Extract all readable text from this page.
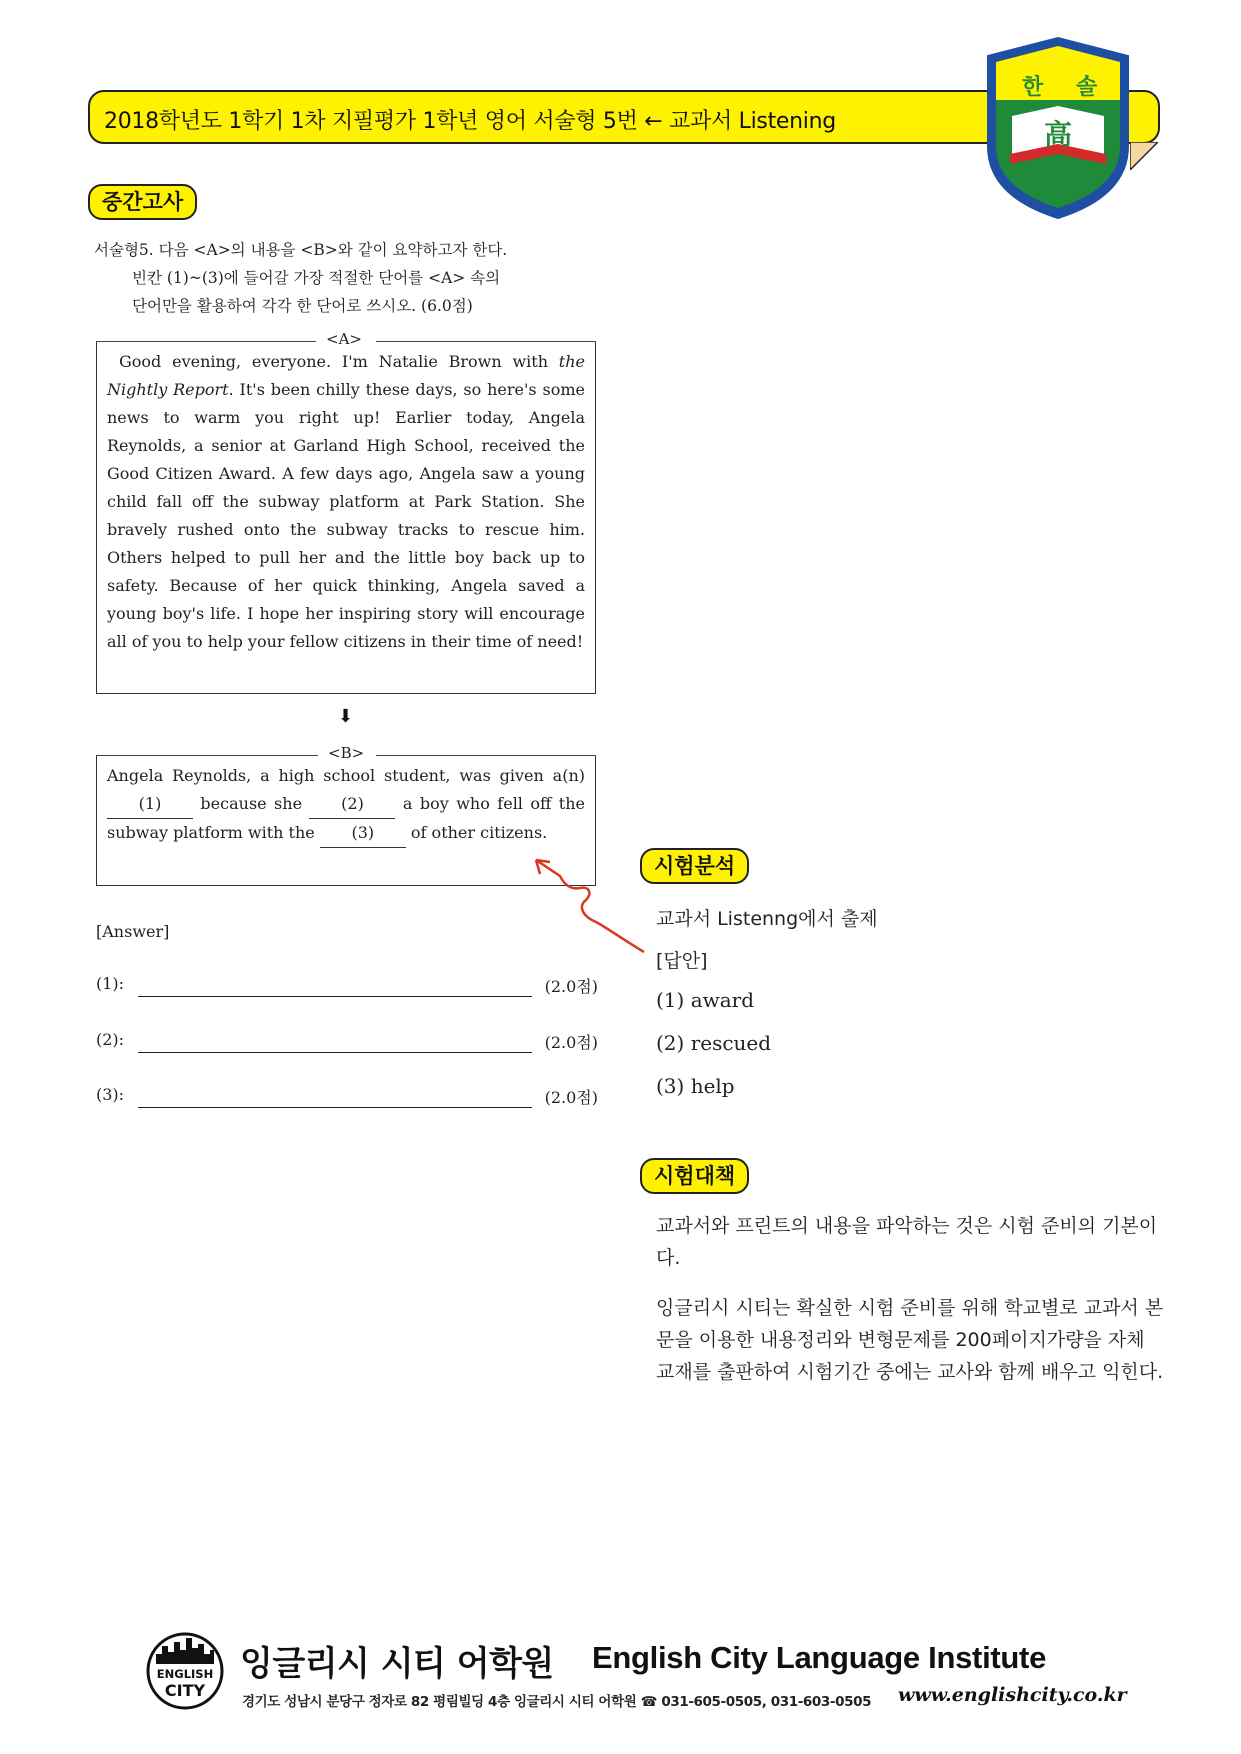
2018학년도 1학기 1차 지필평가 1학년 영어 서술형 5번 ← 교과서 Listening
한 솔
高
중간고사
서술형5. 다음 <A>의 내용을 <B>와 같이 요약하고자 한다.
빈칸 (1)~(3)에 들어갈 가장 적절한 단어를 <A> 속의
단어만을 활용하여 각각 한 단어로 쓰시오. (6.0점)
<A>
Good evening, everyone. I'm Natalie Brown with the Nightly Report. It's been chilly these days, so here's some news to warm you right up! Earlier today, Angela Reynolds, a senior at Garland High School, received the Good Citizen Award. A few days ago, Angela saw a young child fall off the subway platform at Park Station. She bravely rushed onto the subway tracks to rescue him. Others helped to pull her and the little boy back up to safety. Because of her quick thinking, Angela saved a young boy's life. I hope her inspiring story will encourage all of you to help your fellow citizens in their time of need!
⬇
<B>
Angela Reynolds, a high school student, was given a(n) (1) because she (2) a boy who fell off the subway platform with the (3) of other citizens.
[Answer]
(1):	(2.0점)
(2):	(2.0점)
(3):	(2.0점)
시험분석
교과서 Listenng에서 출제
[답안]
(1) award
(2) rescued
(3) help
시험대책
교과서와 프린트의 내용을 파악하는 것은 시험 준비의 기본이다.
잉글리시 시티는 확실한 시험 준비를 위해 학교별로 교과서 본문을 이용한 내용정리와 변형문제를 200페이지가량을 자체 교재를 출판하여 시험기간 중에는 교사와 함께 배우고 익힌다.
ENGLISH
CITY
잉글리시 시티 어학원 English City Language Institute
경기도 성남시 분당구 정자로 82 평림빌딩 4층 잉글리시 시티 어학원 ☎ 031-605-0505, 031-603-0505 www.englishcity.co.kr
